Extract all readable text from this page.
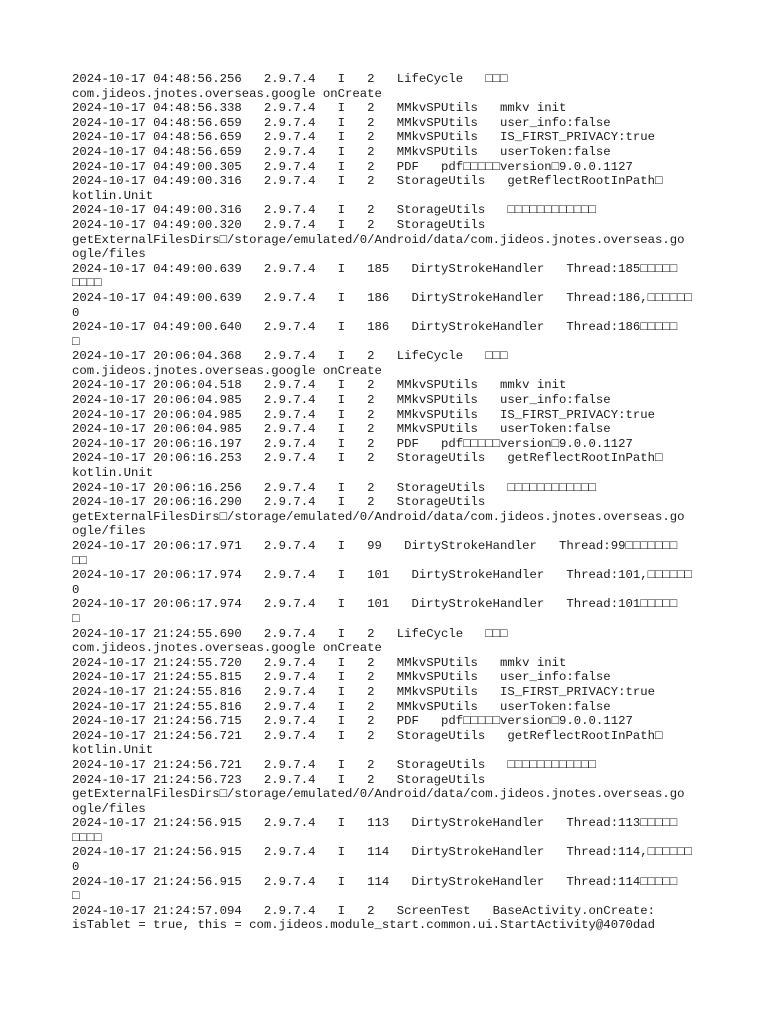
2024-10-17 04:48:56.256   2.9.7.4   I   2   LifeCycle   □□□
com.jideos.jnotes.overseas.google onCreate
2024-10-17 04:48:56.338   2.9.7.4   I   2   MMkvSPUtils   mmkv init
2024-10-17 04:48:56.659   2.9.7.4   I   2   MMkvSPUtils   user_info:false
2024-10-17 04:48:56.659   2.9.7.4   I   2   MMkvSPUtils   IS_FIRST_PRIVACY:true
2024-10-17 04:48:56.659   2.9.7.4   I   2   MMkvSPUtils   userToken:false
2024-10-17 04:49:00.305   2.9.7.4   I   2   PDF   pdf□□□□□version□9.0.0.1127
2024-10-17 04:49:00.316   2.9.7.4   I   2   StorageUtils   getReflectRootInPath□
kotlin.Unit
2024-10-17 04:49:00.316   2.9.7.4   I   2   StorageUtils   □□□□□□□□□□□□
2024-10-17 04:49:00.320   2.9.7.4   I   2   StorageUtils
getExternalFilesDirs□/storage/emulated/0/Android/data/com.jideos.jnotes.overseas.go
ogle/files
2024-10-17 04:49:00.639   2.9.7.4   I   185   DirtyStrokeHandler   Thread:185□□□□□
□□□□
2024-10-17 04:49:00.639   2.9.7.4   I   186   DirtyStrokeHandler   Thread:186,□□□□□□
0
2024-10-17 04:49:00.640   2.9.7.4   I   186   DirtyStrokeHandler   Thread:186□□□□□
□
2024-10-17 20:06:04.368   2.9.7.4   I   2   LifeCycle   □□□
com.jideos.jnotes.overseas.google onCreate
2024-10-17 20:06:04.518   2.9.7.4   I   2   MMkvSPUtils   mmkv init
2024-10-17 20:06:04.985   2.9.7.4   I   2   MMkvSPUtils   user_info:false
2024-10-17 20:06:04.985   2.9.7.4   I   2   MMkvSPUtils   IS_FIRST_PRIVACY:true
2024-10-17 20:06:04.985   2.9.7.4   I   2   MMkvSPUtils   userToken:false
2024-10-17 20:06:16.197   2.9.7.4   I   2   PDF   pdf□□□□□version□9.0.0.1127
2024-10-17 20:06:16.253   2.9.7.4   I   2   StorageUtils   getReflectRootInPath□
kotlin.Unit
2024-10-17 20:06:16.256   2.9.7.4   I   2   StorageUtils   □□□□□□□□□□□□
2024-10-17 20:06:16.290   2.9.7.4   I   2   StorageUtils
getExternalFilesDirs□/storage/emulated/0/Android/data/com.jideos.jnotes.overseas.go
ogle/files
2024-10-17 20:06:17.971   2.9.7.4   I   99   DirtyStrokeHandler   Thread:99□□□□□□□
□□
2024-10-17 20:06:17.974   2.9.7.4   I   101   DirtyStrokeHandler   Thread:101,□□□□□□
0
2024-10-17 20:06:17.974   2.9.7.4   I   101   DirtyStrokeHandler   Thread:101□□□□□
□
2024-10-17 21:24:55.690   2.9.7.4   I   2   LifeCycle   □□□
com.jideos.jnotes.overseas.google onCreate
2024-10-17 21:24:55.720   2.9.7.4   I   2   MMkvSPUtils   mmkv init
2024-10-17 21:24:55.815   2.9.7.4   I   2   MMkvSPUtils   user_info:false
2024-10-17 21:24:55.816   2.9.7.4   I   2   MMkvSPUtils   IS_FIRST_PRIVACY:true
2024-10-17 21:24:55.816   2.9.7.4   I   2   MMkvSPUtils   userToken:false
2024-10-17 21:24:56.715   2.9.7.4   I   2   PDF   pdf□□□□□version□9.0.0.1127
2024-10-17 21:24:56.721   2.9.7.4   I   2   StorageUtils   getReflectRootInPath□
kotlin.Unit
2024-10-17 21:24:56.721   2.9.7.4   I   2   StorageUtils   □□□□□□□□□□□□
2024-10-17 21:24:56.723   2.9.7.4   I   2   StorageUtils
getExternalFilesDirs□/storage/emulated/0/Android/data/com.jideos.jnotes.overseas.go
ogle/files
2024-10-17 21:24:56.915   2.9.7.4   I   113   DirtyStrokeHandler   Thread:113□□□□□
□□□□
2024-10-17 21:24:56.915   2.9.7.4   I   114   DirtyStrokeHandler   Thread:114,□□□□□□
0
2024-10-17 21:24:56.915   2.9.7.4   I   114   DirtyStrokeHandler   Thread:114□□□□□
□
2024-10-17 21:24:57.094   2.9.7.4   I   2   ScreenTest   BaseActivity.onCreate:
isTablet = true, this = com.jideos.module_start.common.ui.StartActivity@4070dad
